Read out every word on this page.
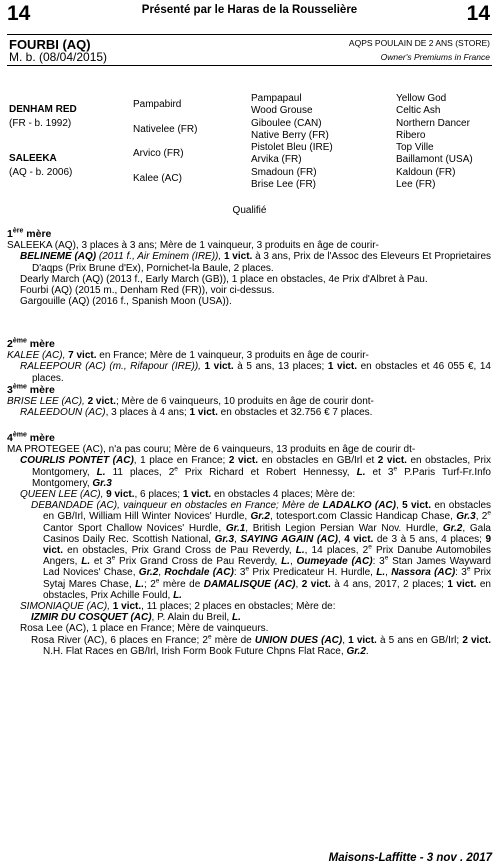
14	Présenté par le Haras de la Rousselière	14
FOURBI (AQ)
M. b. (08/04/2015)
AQPS POULAIN DE 2 ANS (STORE)
Owner's Premiums in France
DENHAM RED
(FR - b. 1992)
SALEEKA
(AQ - b. 2006)
Pampabird
Nativelee (FR)
Arvico (FR)
Kalee (AC)
Pampapaul
Wood Grouse
Giboulee (CAN)
Native Berry (FR)
Pistolet Bleu (IRE)
Arvika (FR)
Smadoun (FR)
Brise Lee (FR)
Yellow God
Celtic Ash
Northern Dancer
Ribero
Top Ville
Baillamont (USA)
Kaldoun (FR)
Lee (FR)
Qualifié
1ère mère
SALEEKA (AQ), 3 places à 3 ans; Mère de 1 vainqueur, 3 produits en âge de courir-
BELINEME (AQ) (2011 f., Air Eminem (IRE)), 1 vict. à 3 ans, Prix de l'Assoc des Eleveurs Et Proprietaires D'aqps (Prix Brune d'Ex), Pornichet-la Baule, 2 places.
Dearly March (AQ) (2013 f., Early March (GB)), 1 place en obstacles, 4e Prix d'Albret à Pau.
Fourbi (AQ) (2015 m., Denham Red (FR)), voir ci-dessus.
Gargouille (AQ) (2016 f., Spanish Moon (USA)).
2ème mère
KALEE (AC), 7 vict. en France; Mère de 1 vainqueur, 3 produits en âge de courir-
RALEEPOUR (AC) (m., Rifapour (IRE)), 1 vict. à 5 ans, 13 places; 1 vict. en obstacles et 46 055 €, 14 places.
3ème mère
BRISE LEE (AC), 2 vict.; Mère de 6 vainqueurs, 10 produits en âge de courir dont-
RALEEDOUN (AC), 3 places à 4 ans; 1 vict. en obstacles et 32.756 € 7 places.
4ème mère
MA PROTEGEE (AC), n'a pas couru; Mère de 6 vainqueurs, 13 produits en âge de courir dt-
COURLIS PONTET (AC), 1 place en France; 2 vict. en obstacles en GB/Irl et 2 vict. en obstacles, Prix Montgomery, L. 11 places, 2e Prix Richard et Robert Hennessy, L. et 3e P.Paris Turf-Fr.Info Montgomery, Gr.3
QUEEN LEE (AC), 9 vict., 6 places; 1 vict. en obstacles 4 places; Mère de:
DEBANDADE (AC), vainqueur en obstacles en France; Mère de LADALKO (AC), 5 vict. en obstacles en GB/Irl, William Hill Winter Novices' Hurdle, Gr.2, totesport.com Classic Handicap Chase, Gr.3, 2e Cantor Sport Challow Novices' Hurdle, Gr.1, British Legion Persian War Nov. Hurdle, Gr.2, Gala Casinos Daily Rec. Scottish National, Gr.3, SAYING AGAIN (AC), 4 vict. de 3 à 5 ans, 4 places; 9 vict. en obstacles, Prix Grand Cross de Pau Reverdy, L., 14 places, 2e Prix Danube Automobiles Angers, L. et 3e Prix Grand Cross de Pau Reverdy, L., Oumeyade (AC): 3e Stan James Wayward Lad Novices' Chase, Gr.2, Rochdale (AC): 3e Prix Predicateur H. Hurdle, L., Nassora (AC): 3e Prix Sytaj Mares Chase, L.; 2e mère de DAMALISQUE (AC), 2 vict. à 4 ans, 2017, 2 places; 1 vict. en obstacles, Prix Achille Fould, L.
SIMONIAQUE (AC), 1 vict., 11 places; 2 places en obstacles; Mère de:
IZMIR DU COSQUET (AC), P. Alain du Breil, L.
Rosa Lee (AC), 1 place en France; Mère de vainqueurs.
Rosa River (AC), 6 places en France; 2e mère de UNION DUES (AC), 1 vict. à 5 ans en GB/Irl; 2 vict. N.H. Flat Races en GB/Irl, Irish Form Book Future Chpns Flat Race, Gr.2.
Maisons-Laffitte - 3 nov . 2017
